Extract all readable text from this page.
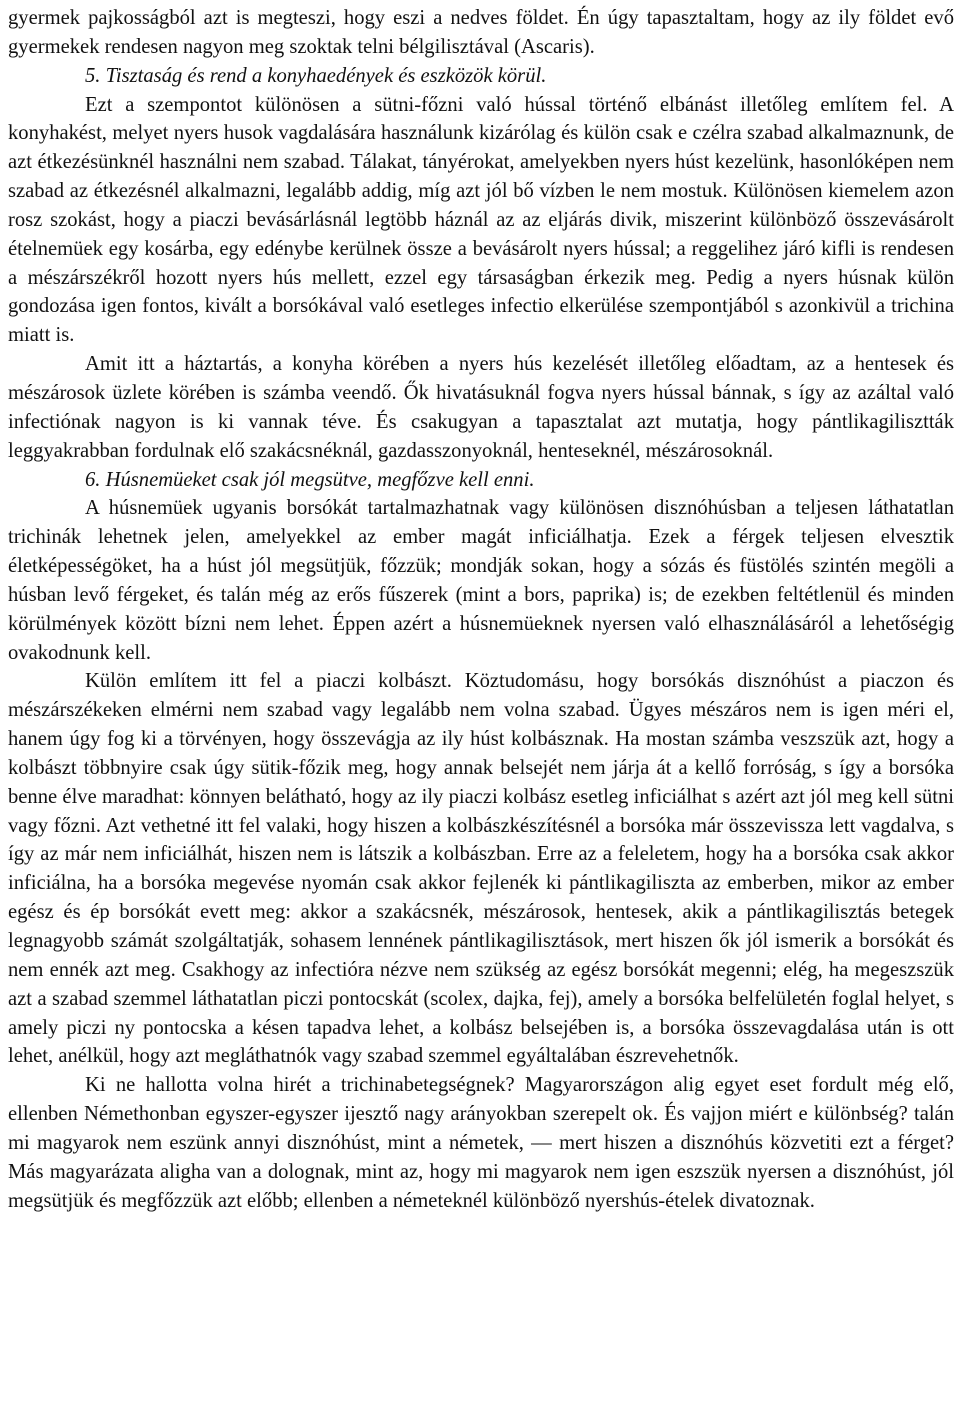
gyermek pajkosságból azt is megteszi, hogy eszi a nedves földet. Én úgy tapasztaltam, hogy az ily földet evő gyermekek rendesen nagyon meg szoktak telni bélgilisztával (Ascaris).

5. Tisztaság és rend a konyhaedények és eszközök körül.

Ezt a szempontot különösen a sütni-főzni való hússal történő elbánást illetőleg említem fel. A konyhakést, melyet nyers husok vagdalására használunk kizárólag és külön csak e czélra szabad alkalmaznunk, de azt étkezésünknél használni nem szabad. Tálakat, tányérokat, amelyekben nyers húst kezelünk, hasonlóképen nem szabad az étkezésnél alkalmazni, legalább addig, míg azt jól bő vízben le nem mostuk. Különösen kiemelem azon rosz szokást, hogy a piaczi bevásárlásnál legtöbb háznál az az eljárás divik, miszerint különböző összevásárolt ételnemüek egy kosárba, egy edénybe kerülnek össze a bevásárolt nyers hússal; a reggelihez járó kifli is rendesen a mészárszékről hozott nyers hús mellett, ezzel egy társaságban érkezik meg. Pedig a nyers húsnak külön gondozása igen fontos, kivált a borsókával való esetleges infectio elkerülése szempontjából s azonkivül a trichina miatt is.

Amit itt a háztartás, a konyha körében a nyers hús kezelését illetőleg előadtam, az a hentesek és mészárosok üzlete körében is számba veendő. Ők hivatásuknál fogva nyers hússal bánnak, s így az azáltal való infectiónak nagyon is ki vannak téve. És csakugyan a tapasztalat azt mutatja, hogy pántlikagilisztták leggyakrabban fordulnak elő szakácsnéknál, gazdasszonyoknál, henteseknél, mészárosoknál.

6. Húsnemüeket csak jól megsütve, megfőzve kell enni.

A húsnemüek ugyanis borsókát tartalmazhatnak vagy különösen disznóhúsban a teljesen láthatatlan trichinák lehetnek jelen, amelyekkel az ember magát inficiálhatja. Ezek a férgek teljesen elvesztik életképességöket, ha a húst jól megsütjük, főzzük; mondják sokan, hogy a sózás és füstölés szintén megöli a húsban levő férgeket, és talán még az erős fűszerek (mint a bors, paprika) is; de ezekben feltétlenül és minden körülmények között bízni nem lehet. Éppen azért a húsnemüeknek nyersen való elhasználásáról a lehetőségig ovakodnunk kell.

Külön említem itt fel a piaczi kolbászt. Köztudomásu, hogy borsókás disznóhúst a piaczon és mészárszékeken elmérni nem szabad vagy legalább nem volna szabad. Ügyes mészáros nem is igen méri el, hanem úgy fog ki a törvényen, hogy összevágja az ily húst kolbásznak. Ha mostan számba veszszük azt, hogy a kolbászt többnyire csak úgy sütik-főzik meg, hogy annak belsejét nem járja át a kellő forróság, s így a borsóka benne élve maradhat: könnyen belátható, hogy az ily piaczi kolbász esetleg inficiálhat s azért azt jól meg kell sütni vagy főzni. Azt vethetné itt fel valaki, hogy hiszen a kolbászkészítésnél a borsóka már összevissza lett vagdalva, s így az már nem inficiálhát, hiszen nem is látszik a kolbászban. Erre az a feleletem, hogy ha a borsóka csak akkor inficiálna, ha a borsóka megevése nyomán csak akkor fejlenék ki pántlikagiliszta az emberben, mikor az ember egész és ép borsókát evett meg: akkor a szakácsnék, mészárosok, hentesek, akik a pántlikagilisztás betegek legnagyobb számát szolgáltatják, sohasem lennének pántlikagilisztások, mert hiszen ők jól ismerik a borsókát és nem ennék azt meg. Csakhogy az infectióra nézve nem szükség az egész borsókát megenni; elég, ha megeszszük azt a szabad szemmel láthatatlan piczi pontocskát (scolex, dajka, fej), amely a borsóka belfelületén foglal helyet, s amely piczi ny pontocska a késen tapadva lehet, a kolbász belsejében is, a borsóka összevagdalása után is ott lehet, anélkül, hogy azt megláthatnók vagy szabad szemmel egyáltalában észrevehetnők.

Ki ne hallotta volna hirét a trichinabetegségnek? Magyarországon alig egyet eset fordult még elő, ellenben Némethonban egyszer-egyszer ijesztő nagy arányokban szerepelt ok. És vajjon miért e különbség? talán mi magyarok nem eszünk annyi disznóhúst, mint a németek, — mert hiszen a disznóhús közvetiti ezt a férget? Más magyarázata aligha van a dolognak, mint az, hogy mi magyarok nem igen eszszük nyersen a disznóhúst, jól megsütjük és megfőzzük azt előbb; ellenben a németeknél különböző nyershús-ételek divatoznak.
